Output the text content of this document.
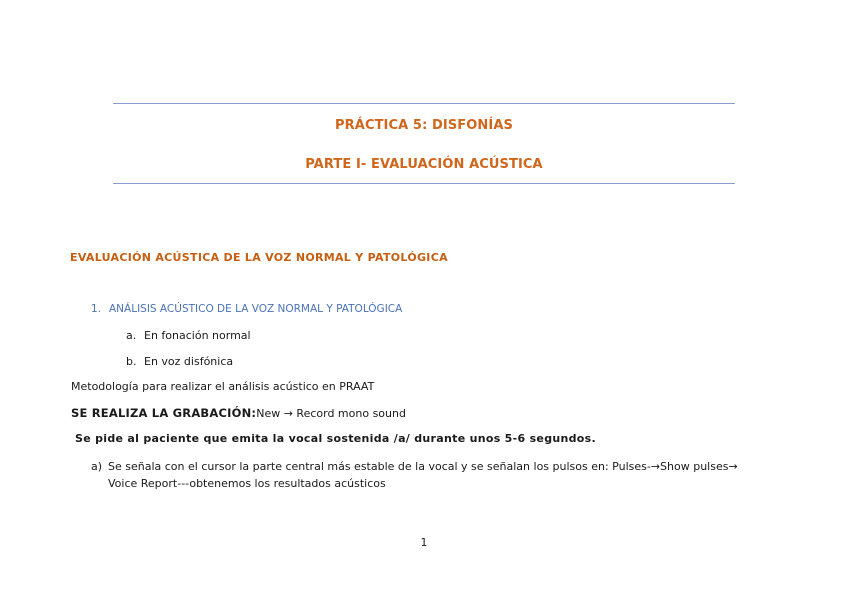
PRÁCTICA 5: DISFONÍAS
PARTE I- EVALUACIÓN ACÚSTICA
EVALUACIÓN ACÚSTICA DE LA VOZ NORMAL Y PATOLÓGICA
1. ANÁLISIS ACÚSTICO DE LA VOZ NORMAL Y PATOLÓGICA
a. En fonación normal
b. En voz disfónica
Metodología para realizar el análisis acústico en PRAAT
SE REALIZA LA GRABACIÓN:New → Record mono sound
Se pide al paciente que emita la vocal sostenida /a/ durante unos 5-6 segundos.
a) Se señala con el cursor la parte central más estable de la vocal y se señalan los pulsos en: Pulses-→Show pulses→ Voice Report---obtenemos los resultados acústicos
1
